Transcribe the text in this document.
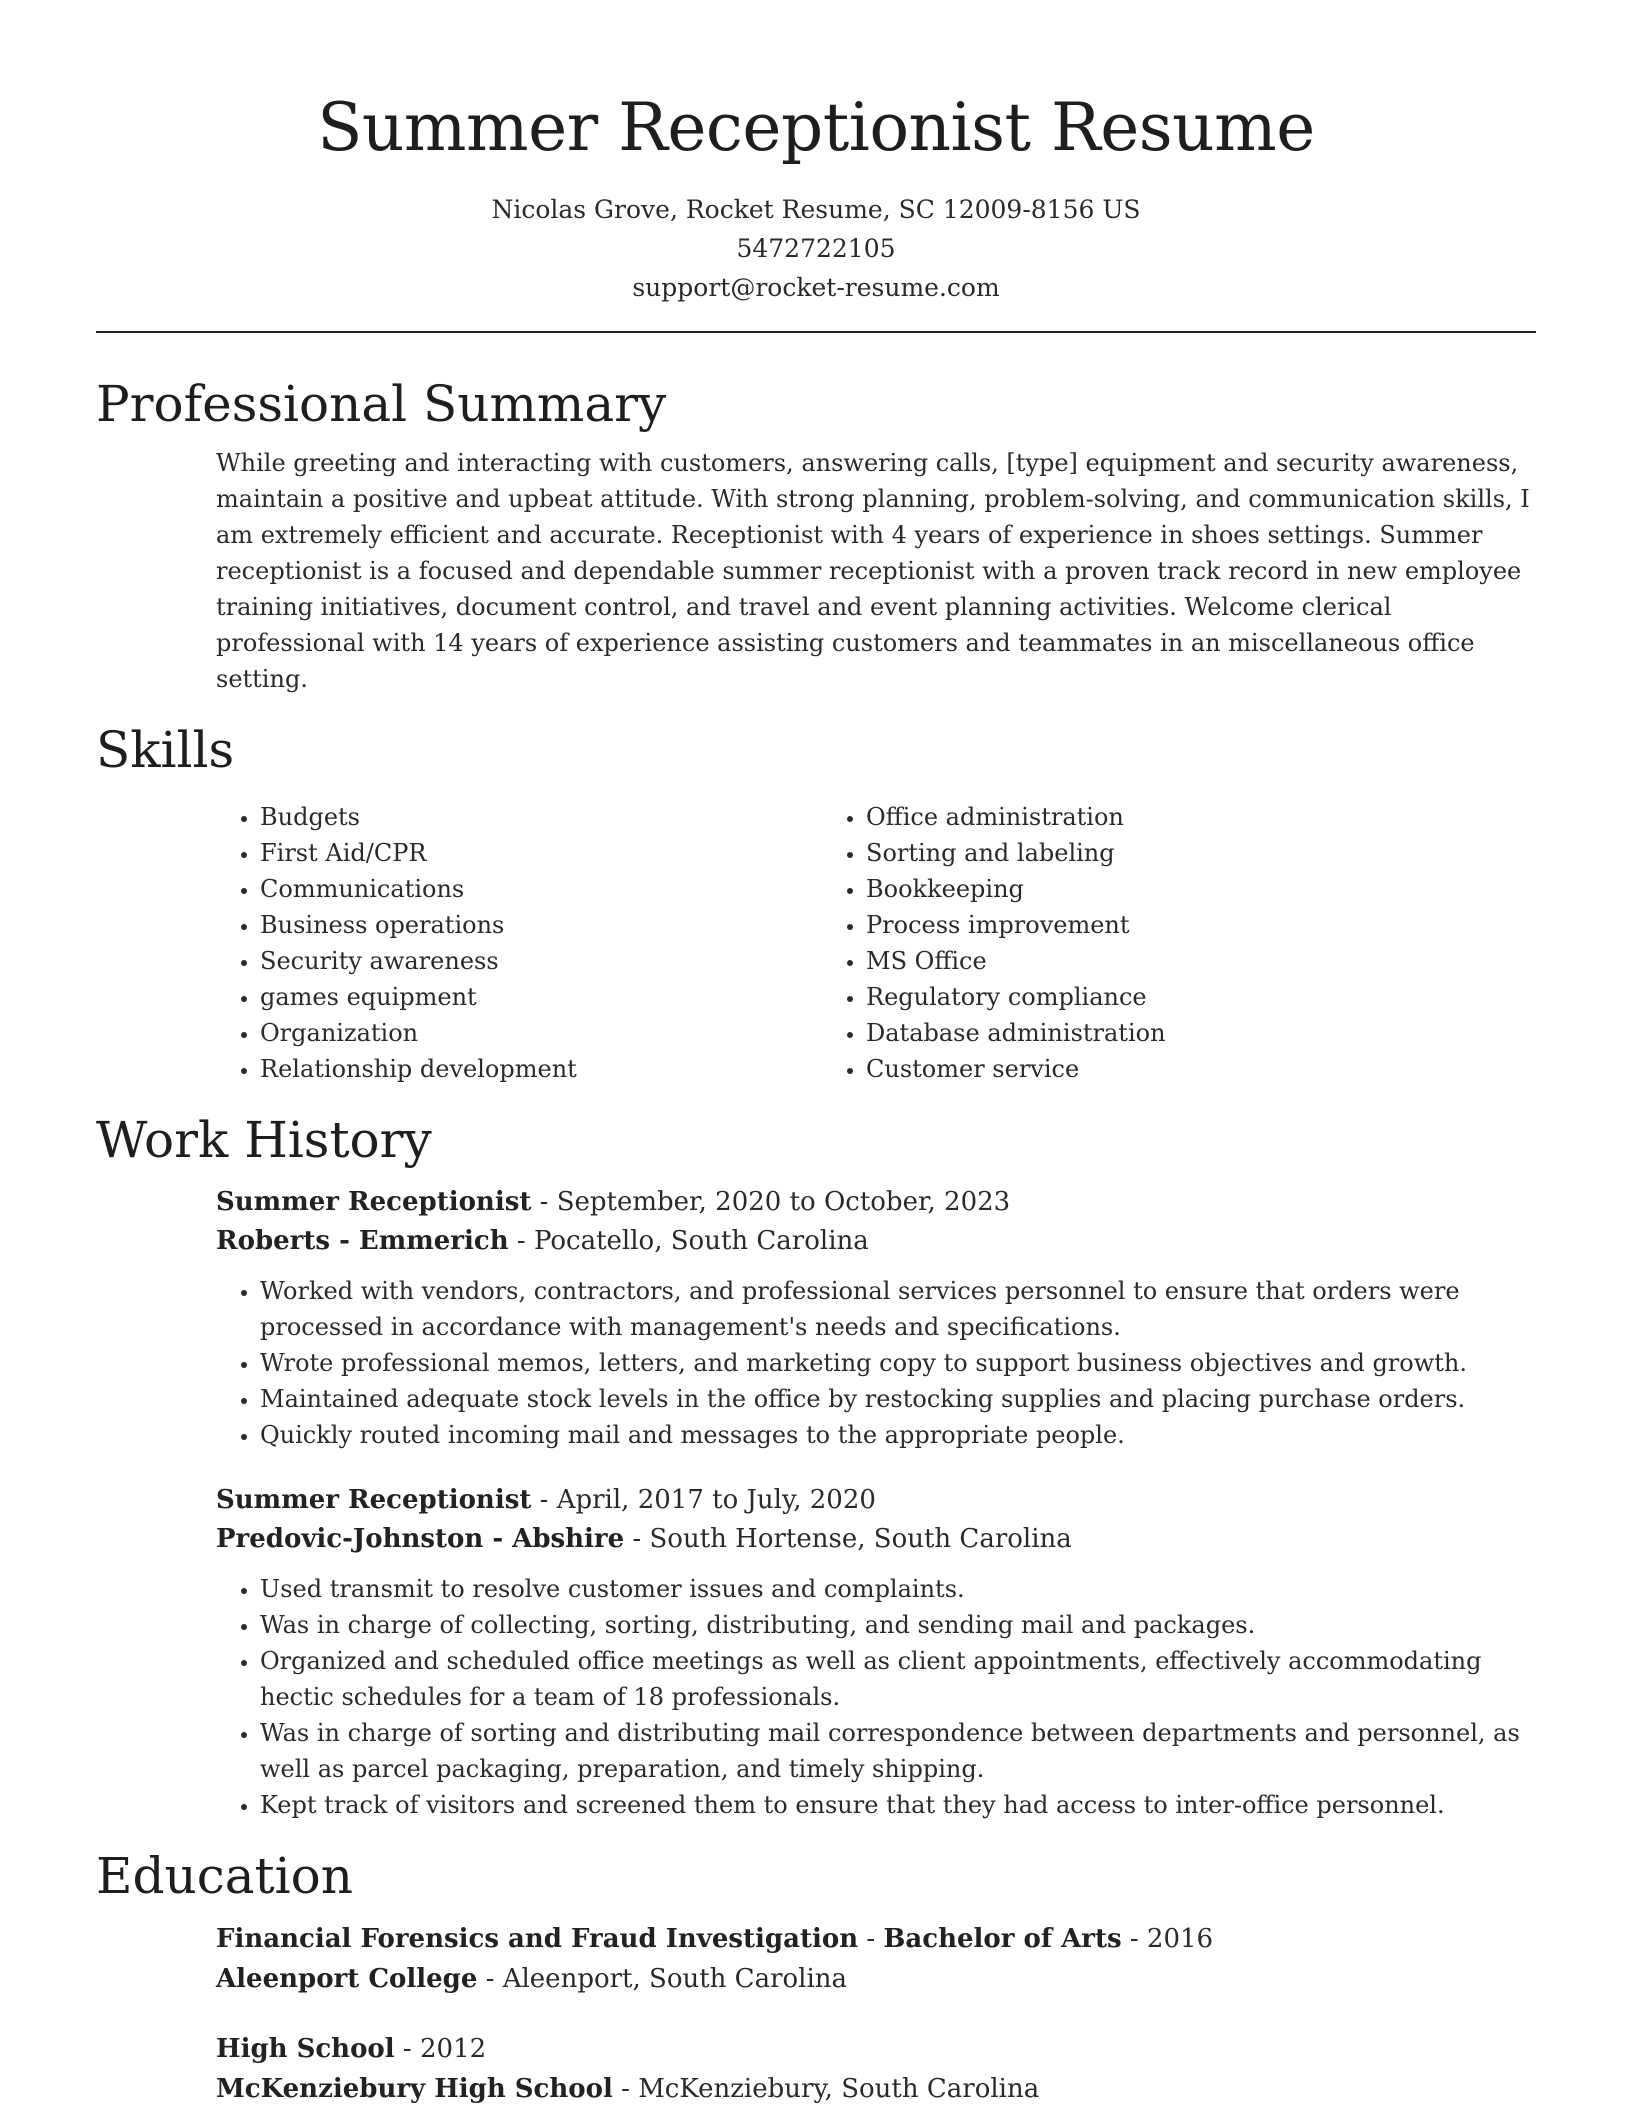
Summer Receptionist Resume
Nicolas Grove, Rocket Resume, SC 12009-8156 US
5472722105
support@rocket-resume.com
Professional Summary
While greeting and interacting with customers, answering calls, [type] equipment and security awareness, maintain a positive and upbeat attitude. With strong planning, problem-solving, and communication skills, I am extremely efficient and accurate. Receptionist with 4 years of experience in shoes settings. Summer receptionist is a focused and dependable summer receptionist with a proven track record in new employee training initiatives, document control, and travel and event planning activities. Welcome clerical professional with 14 years of experience assisting customers and teammates in an miscellaneous office setting.
Skills
• Budgets
• First Aid/CPR
• Communications
• Business operations
• Security awareness
• games equipment
• Organization
• Relationship development
• Office administration
• Sorting and labeling
• Bookkeeping
• Process improvement
• MS Office
• Regulatory compliance
• Database administration
• Customer service
Work History
Summer Receptionist - September, 2020 to October, 2023
Roberts - Emmerich - Pocatello, South Carolina
• Worked with vendors, contractors, and professional services personnel to ensure that orders were processed in accordance with management's needs and specifications.
• Wrote professional memos, letters, and marketing copy to support business objectives and growth.
• Maintained adequate stock levels in the office by restocking supplies and placing purchase orders.
• Quickly routed incoming mail and messages to the appropriate people.
Summer Receptionist - April, 2017 to July, 2020
Predovic-Johnston - Abshire - South Hortense, South Carolina
• Used transmit to resolve customer issues and complaints.
• Was in charge of collecting, sorting, distributing, and sending mail and packages.
• Organized and scheduled office meetings as well as client appointments, effectively accommodating hectic schedules for a team of 18 professionals.
• Was in charge of sorting and distributing mail correspondence between departments and personnel, as well as parcel packaging, preparation, and timely shipping.
• Kept track of visitors and screened them to ensure that they had access to inter-office personnel.
Education
Financial Forensics and Fraud Investigation - Bachelor of Arts - 2016
Aleenport College - Aleenport, South Carolina
High School - 2012
McKenziebury High School - McKenziebury, South Carolina
